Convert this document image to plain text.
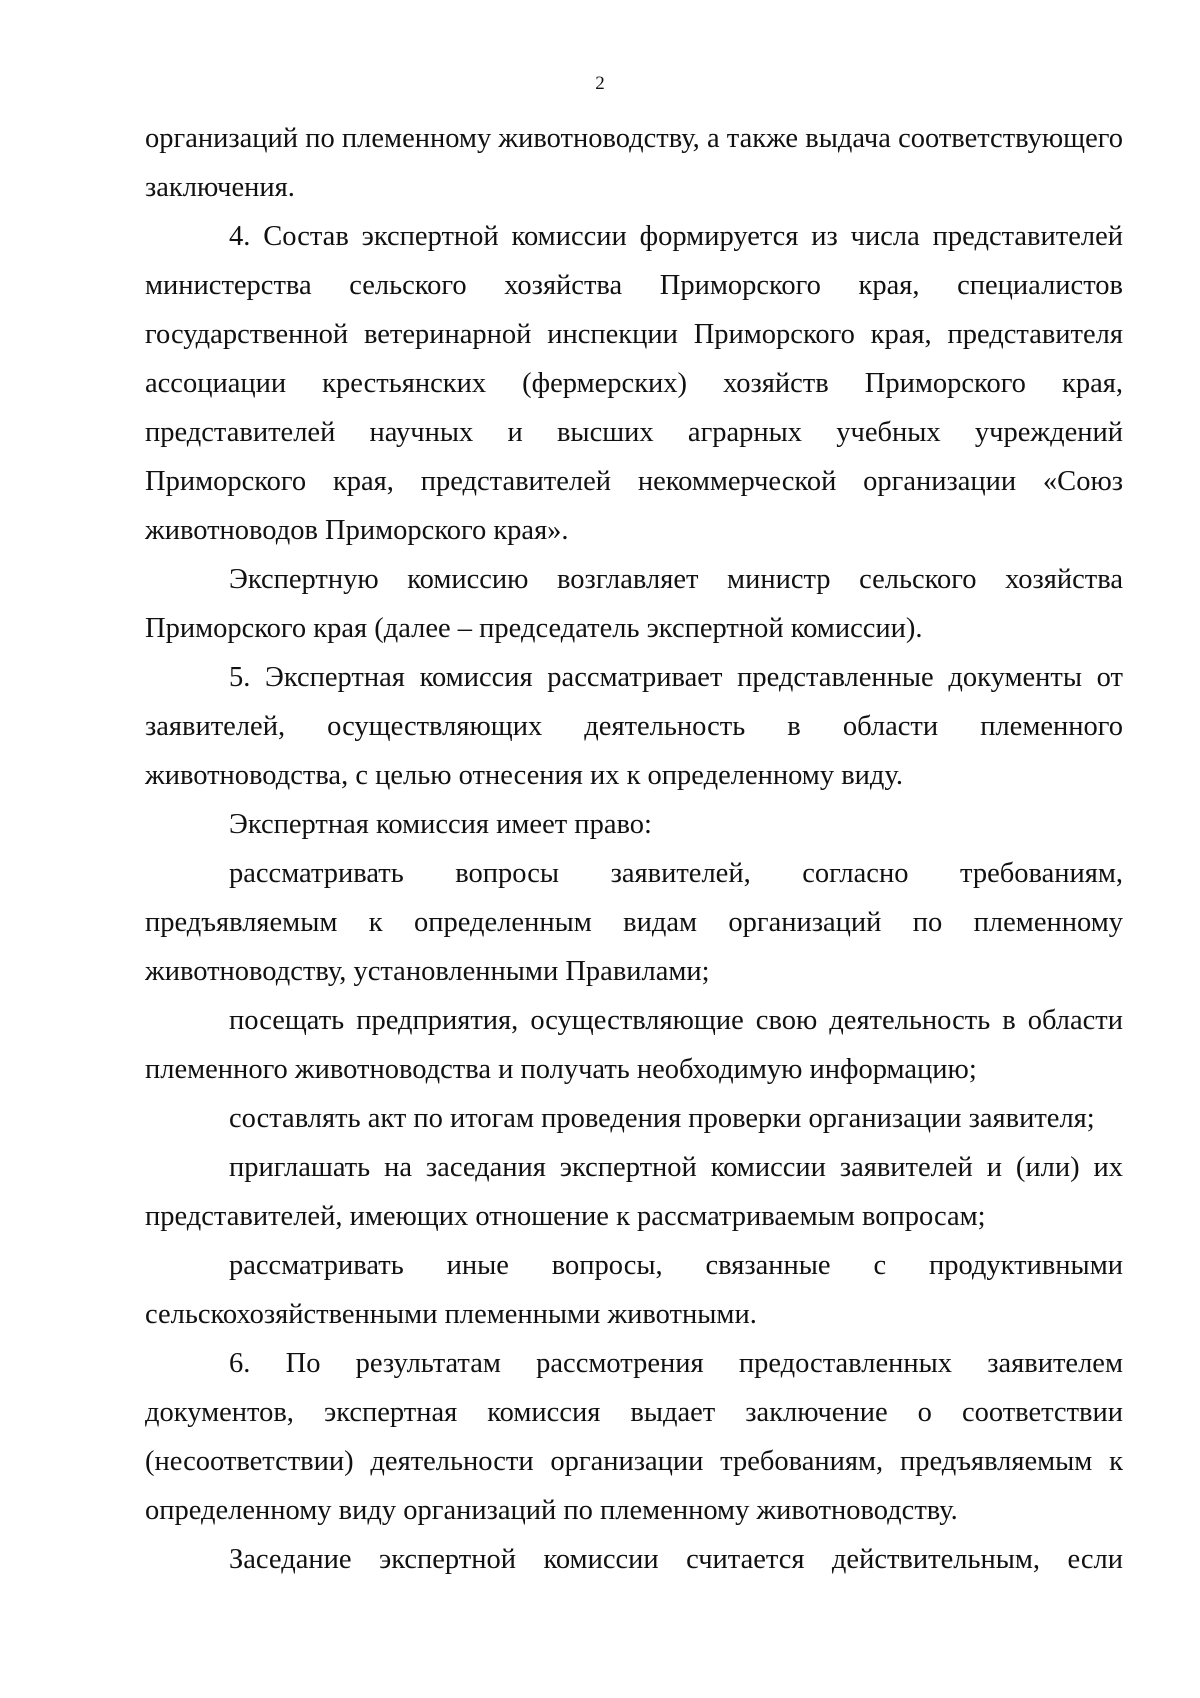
2

организаций по племенному животноводству, а также выдача соответствующего заключения.

4. Состав экспертной комиссии формируется из числа представителей министерства сельского хозяйства Приморского края, специалистов государственной ветеринарной инспекции Приморского края, представителя ассоциации крестьянских (фермерских) хозяйств Приморского края, представителей научных и высших аграрных учебных учреждений Приморского края, представителей некоммерческой организации «Союз животноводов Приморского края».

Экспертную комиссию возглавляет министр сельского хозяйства Приморского края (далее – председатель экспертной комиссии).

5. Экспертная комиссия рассматривает представленные документы от заявителей, осуществляющих деятельность в области племенного животноводства, с целью отнесения их к определенному виду.

Экспертная комиссия имеет право:

рассматривать вопросы заявителей, согласно требованиям, предъявляемым к определенным видам организаций по племенному животноводству, установленными Правилами;

посещать предприятия, осуществляющие свою деятельность в области племенного животноводства и получать необходимую информацию;

составлять акт по итогам проведения проверки организации заявителя;

приглашать на заседания экспертной комиссии заявителей и (или) их представителей, имеющих отношение к рассматриваемым вопросам;

рассматривать иные вопросы, связанные с продуктивными сельскохозяйственными племенными животными.

6. По результатам рассмотрения предоставленных заявителем документов, экспертная комиссия выдает заключение о соответствии (несоответствии) деятельности организации требованиям, предъявляемым к определенному виду организаций по племенному животноводству.

Заседание экспертной комиссии считается действительным, если
